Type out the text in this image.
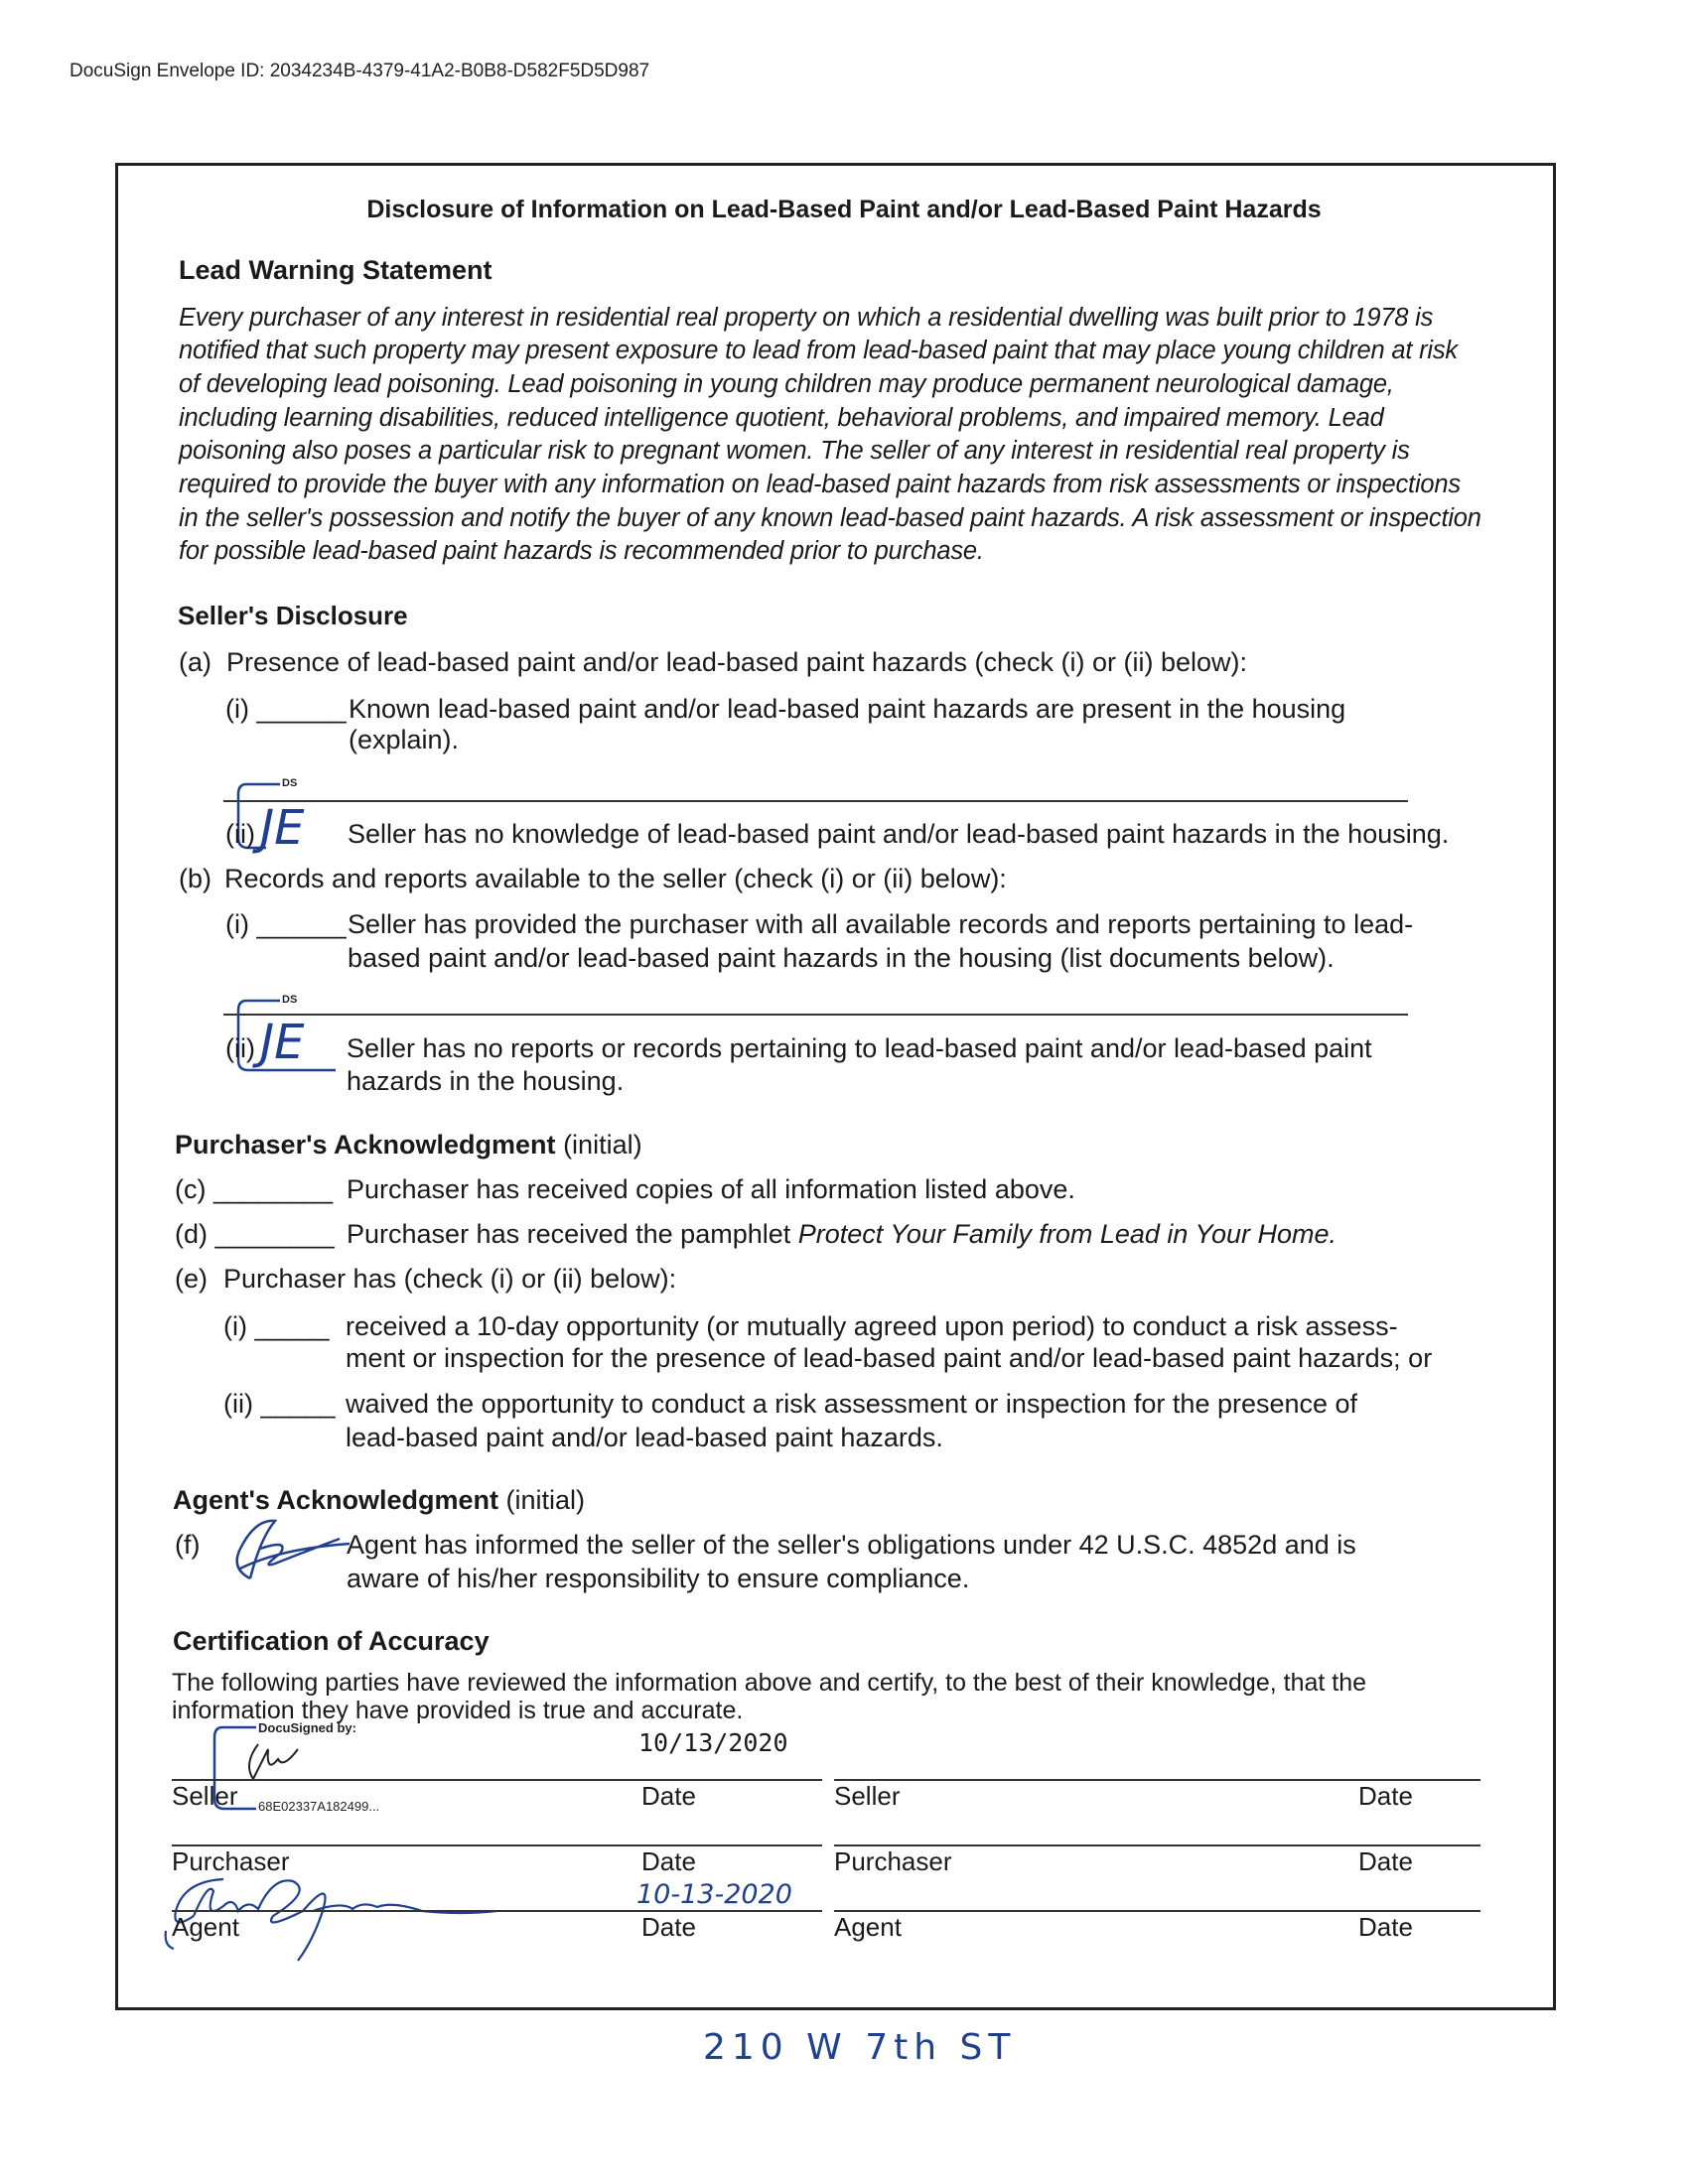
DocuSign Envelope ID: 2034234B-4379-41A2-B0B8-D582F5D5D987
Disclosure of Information on Lead-Based Paint and/or Lead-Based Paint Hazards
Lead Warning Statement
Every purchaser of any interest in residential real property on which a residential dwelling was built prior to 1978 is
notified that such property may present exposure to lead from lead-based paint that may place young children at risk
of developing lead poisoning. Lead poisoning in young children may produce permanent neurological damage,
including learning disabilities, reduced intelligence quotient, behavioral problems, and impaired memory. Lead
poisoning also poses a particular risk to pregnant women. The seller of any interest in residential real property is
required to provide the buyer with any information on lead-based paint hazards from risk assessments or inspections
in the seller's possession and notify the buyer of any known lead-based paint hazards. A risk assessment or inspection
for possible lead-based paint hazards is recommended prior to purchase.
Seller's Disclosure
(a) Presence of lead-based paint and/or lead-based paint hazards (check (i) or (ii) below):
(i) ______ Known lead-based paint and/or lead-based paint hazards are present in the housing
(explain).
DS
(ii) JE Seller has no knowledge of lead-based paint and/or lead-based paint hazards in the housing.
(b) Records and reports available to the seller (check (i) or (ii) below):
(i) ______ Seller has provided the purchaser with all available records and reports pertaining to lead-
based paint and/or lead-based paint hazards in the housing (list documents below).
DS
(ii) JE Seller has no reports or records pertaining to lead-based paint and/or lead-based paint
hazards in the housing.
Purchaser's Acknowledgment (initial)
(c) ________ Purchaser has received copies of all information listed above.
(d) ________ Purchaser has received the pamphlet Protect Your Family from Lead in Your Home.
(e) Purchaser has (check (i) or (ii) below):
(i) _____ received a 10-day opportunity (or mutually agreed upon period) to conduct a risk assess-
ment or inspection for the presence of lead-based paint and/or lead-based paint hazards; or
(ii) _____ waived the opportunity to conduct a risk assessment or inspection for the presence of
lead-based paint and/or lead-based paint hazards.
Agent's Acknowledgment (initial)
(f)	Agent has informed the seller of the seller's obligations under 42 U.S.C. 4852d and is
aware of his/her responsibility to ensure compliance.
Certification of Accuracy
The following parties have reviewed the information above and certify, to the best of their knowledge, that the
information they have provided is true and accurate.
DocuSigned by:
10/13/2020
68E02337A182499...
Seller	Date	Seller	Date
Purchaser	Date	Purchaser	Date
10-13-2020
Agent	Date	Agent	Date
210 W 7th ST
